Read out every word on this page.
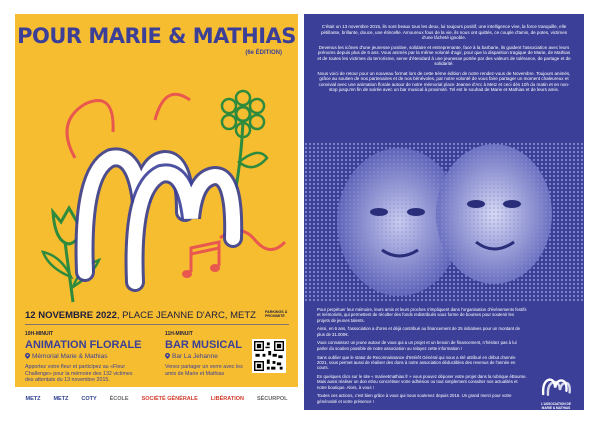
POUR MARIE & MATHIAS
(6e ÉDITION)
12 NOVEMBRE 2022, PLACE JEANNE D'ARC, METZ	PARKINGS À PROXIMITÉ
10H-MINUIT
ANIMATION FLORALE
Mémorial Marie & Mathias
Apportez votre fleur et participez au «Fleur Challenge» pour la mémoire des 132 victimes des attentats du 13 novembre 2015.
11H-MINUIT
BAR MUSICAL
Bar La Jehanne
Venez partager un verre avec les amis de Marie et Mathias
METZ METZ COTY ÉCOLE SOCIÉTÉ GÉNÉRALE LIBÉRATION SÉCURPOL

C'était un 13 novembre 2015, ils sont beaux tous les deux, lui toujours positif, une intelligence vive, la force tranquille, elle pétillante, brillante, douce, une étincelle. Amoureux fous de la vie, ils nous ont quittés, ce couple d'amis, de potes, victimes d'une lâcheté ignoble.

Devenus les icônes d'une jeunesse positive, solidaire et entreprenante, face à la barbarie, ils guident l'association avec leurs prénoms depuis plus de 6 ans. Vous animés par la même volonté d'agir, pour que la disparition tragique de Marie, de Mathias et de toutes les victimes du terrorisme, serve d'étendard à une jeunesse portée par des valeurs de tolérance, de partage et de solidarité.

Nous voici de retour pour un nouveau format lors de cette 6ème édition de notre rendez-vous de Novembre. Toujours animés, grâce au soutien de nos partenaires et de nos bénévoles, par notre volonté de vous faire partager un moment chaleureux et convivial avec une animation florale autour de notre mémorial place Jeanne d'Arc à Metz et ceci dès 10h du matin et en non-stop jusqu'en fin de soirée avec un bar musical à proximité. Tel est le souhait de Marie et Mathias et de leurs amis.

Pour perpétuer leur mémoire, leurs amis et leurs proches s'impliquent dans l'organisation d'événements festifs et mémoriels, qui permettent de récolter des fonds redistribués sous forme de bourses pour soutenir les projets de jeunes talents.

Ainsi, en 6 ans, l'association a d'ores et déjà contribué au financement de 25 initiatives pour un montant de plus de 31.000€.

Vous connaissez un jeune autour de vous qui a un projet et un besoin de financement, n'hésitez pas à lui parler du soutien possible de notre association ou relayez cette information !

Sans oublier que le statut de Reconnaissance d'Intérêt Général qui nous a été attribué en début d'année 2021, vous permet aussi de réaliser des dons à notre association déductibles des revenus de l'année en cours.

En quelques clics sur le site « marieetmathias.fr » vous pouvez déposer votre projet dans la rubrique éBourse. Mais aussi réaliser un don et/ou concrétiser votre adhésion ou tout simplement consulter nos actualités et notre boutique. Alors, à vous !

Toutes ces actions, c'est bien grâce à vous qui nous soutenez depuis 2016. Un grand merci pour votre générosité et votre présence !

L'ASSOCIATION DE MARIE & MATHIAS
